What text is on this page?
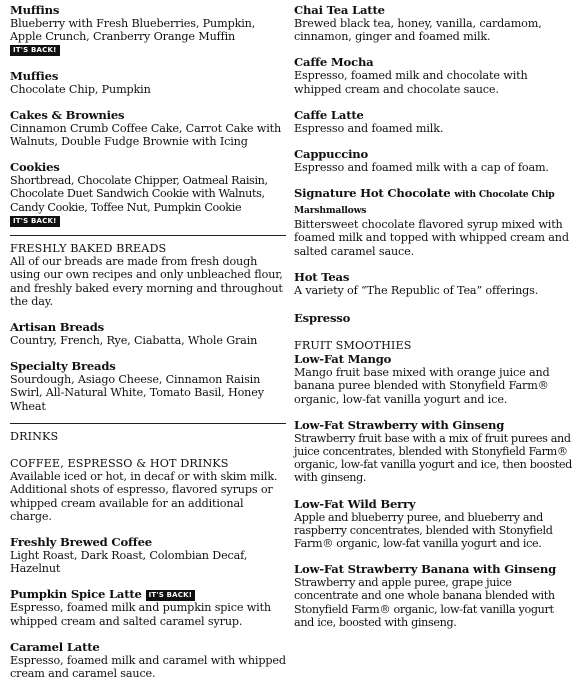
Muffins
Blueberry with Fresh Blueberries, Pumpkin, Apple Crunch, Cranberry Orange Muffin IT'S BACK!
Muffies
Chocolate Chip, Pumpkin
Cakes & Brownies
Cinnamon Crumb Coffee Cake, Carrot Cake with Walnuts, Double Fudge Brownie with Icing
Cookies
Shortbread, Chocolate Chipper, Oatmeal Raisin, Chocolate Duet Sandwich Cookie with Walnuts, Candy Cookie, Toffee Nut, Pumpkin Cookie IT'S BACK!
FRESHLY BAKED BREADS
All of our breads are made from fresh dough using our own recipes and only unbleached flour, and freshly baked every morning and throughout the day.
Artisan Breads
Country, French, Rye, Ciabatta, Whole Grain
Specialty Breads
Sourdough, Asiago Cheese, Cinnamon Raisin Swirl, All-Natural White, Tomato Basil, Honey Wheat
DRINKS
COFFEE, ESPRESSO & HOT DRINKS
Available iced or hot, in decaf or with skim milk. Additional shots of espresso, flavored syrups or whipped cream available for an additional charge.
Freshly Brewed Coffee
Light Roast, Dark Roast, Colombian Decaf, Hazelnut
Pumpkin Spice Latte IT'S BACK!
Espresso, foamed milk and pumpkin spice with whipped cream and salted caramel syrup.
Caramel Latte
Espresso, foamed milk and caramel with whipped cream and caramel sauce.
Chai Tea Latte
Brewed black tea, honey, vanilla, cardamom, cinnamon, ginger and foamed milk.
Caffe Mocha
Espresso, foamed milk and chocolate with whipped cream and chocolate sauce.
Caffe Latte
Espresso and foamed milk.
Cappuccino
Espresso and foamed milk with a cap of foam.
Signature Hot Chocolate with Chocolate Chip Marshmallows
Bittersweet chocolate flavored syrup mixed with foamed milk and topped with whipped cream and salted caramel sauce.
Hot Teas
A variety of “The Republic of Tea” offerings.
Espresso
FRUIT SMOOTHIES
Low-Fat Mango
Mango fruit base mixed with orange juice and banana puree blended with Stonyfield Farm® organic, low-fat vanilla yogurt and ice.
Low-Fat Strawberry with Ginseng
Strawberry fruit base with a mix of fruit purees and juice concentrates, blended with Stonyfield Farm® organic, low-fat vanilla yogurt and ice, then boosted with ginseng.
Low-Fat Wild Berry
Apple and blueberry puree, and blueberry and raspberry concentrates, blended with Stonyfield Farm® organic, low-fat vanilla yogurt and ice.
Low-Fat Strawberry Banana with Ginseng
Strawberry and apple puree, grape juice concentrate and one whole banana blended with Stonyfield Farm® organic, low-fat vanilla yogurt and ice, boosted with ginseng.
